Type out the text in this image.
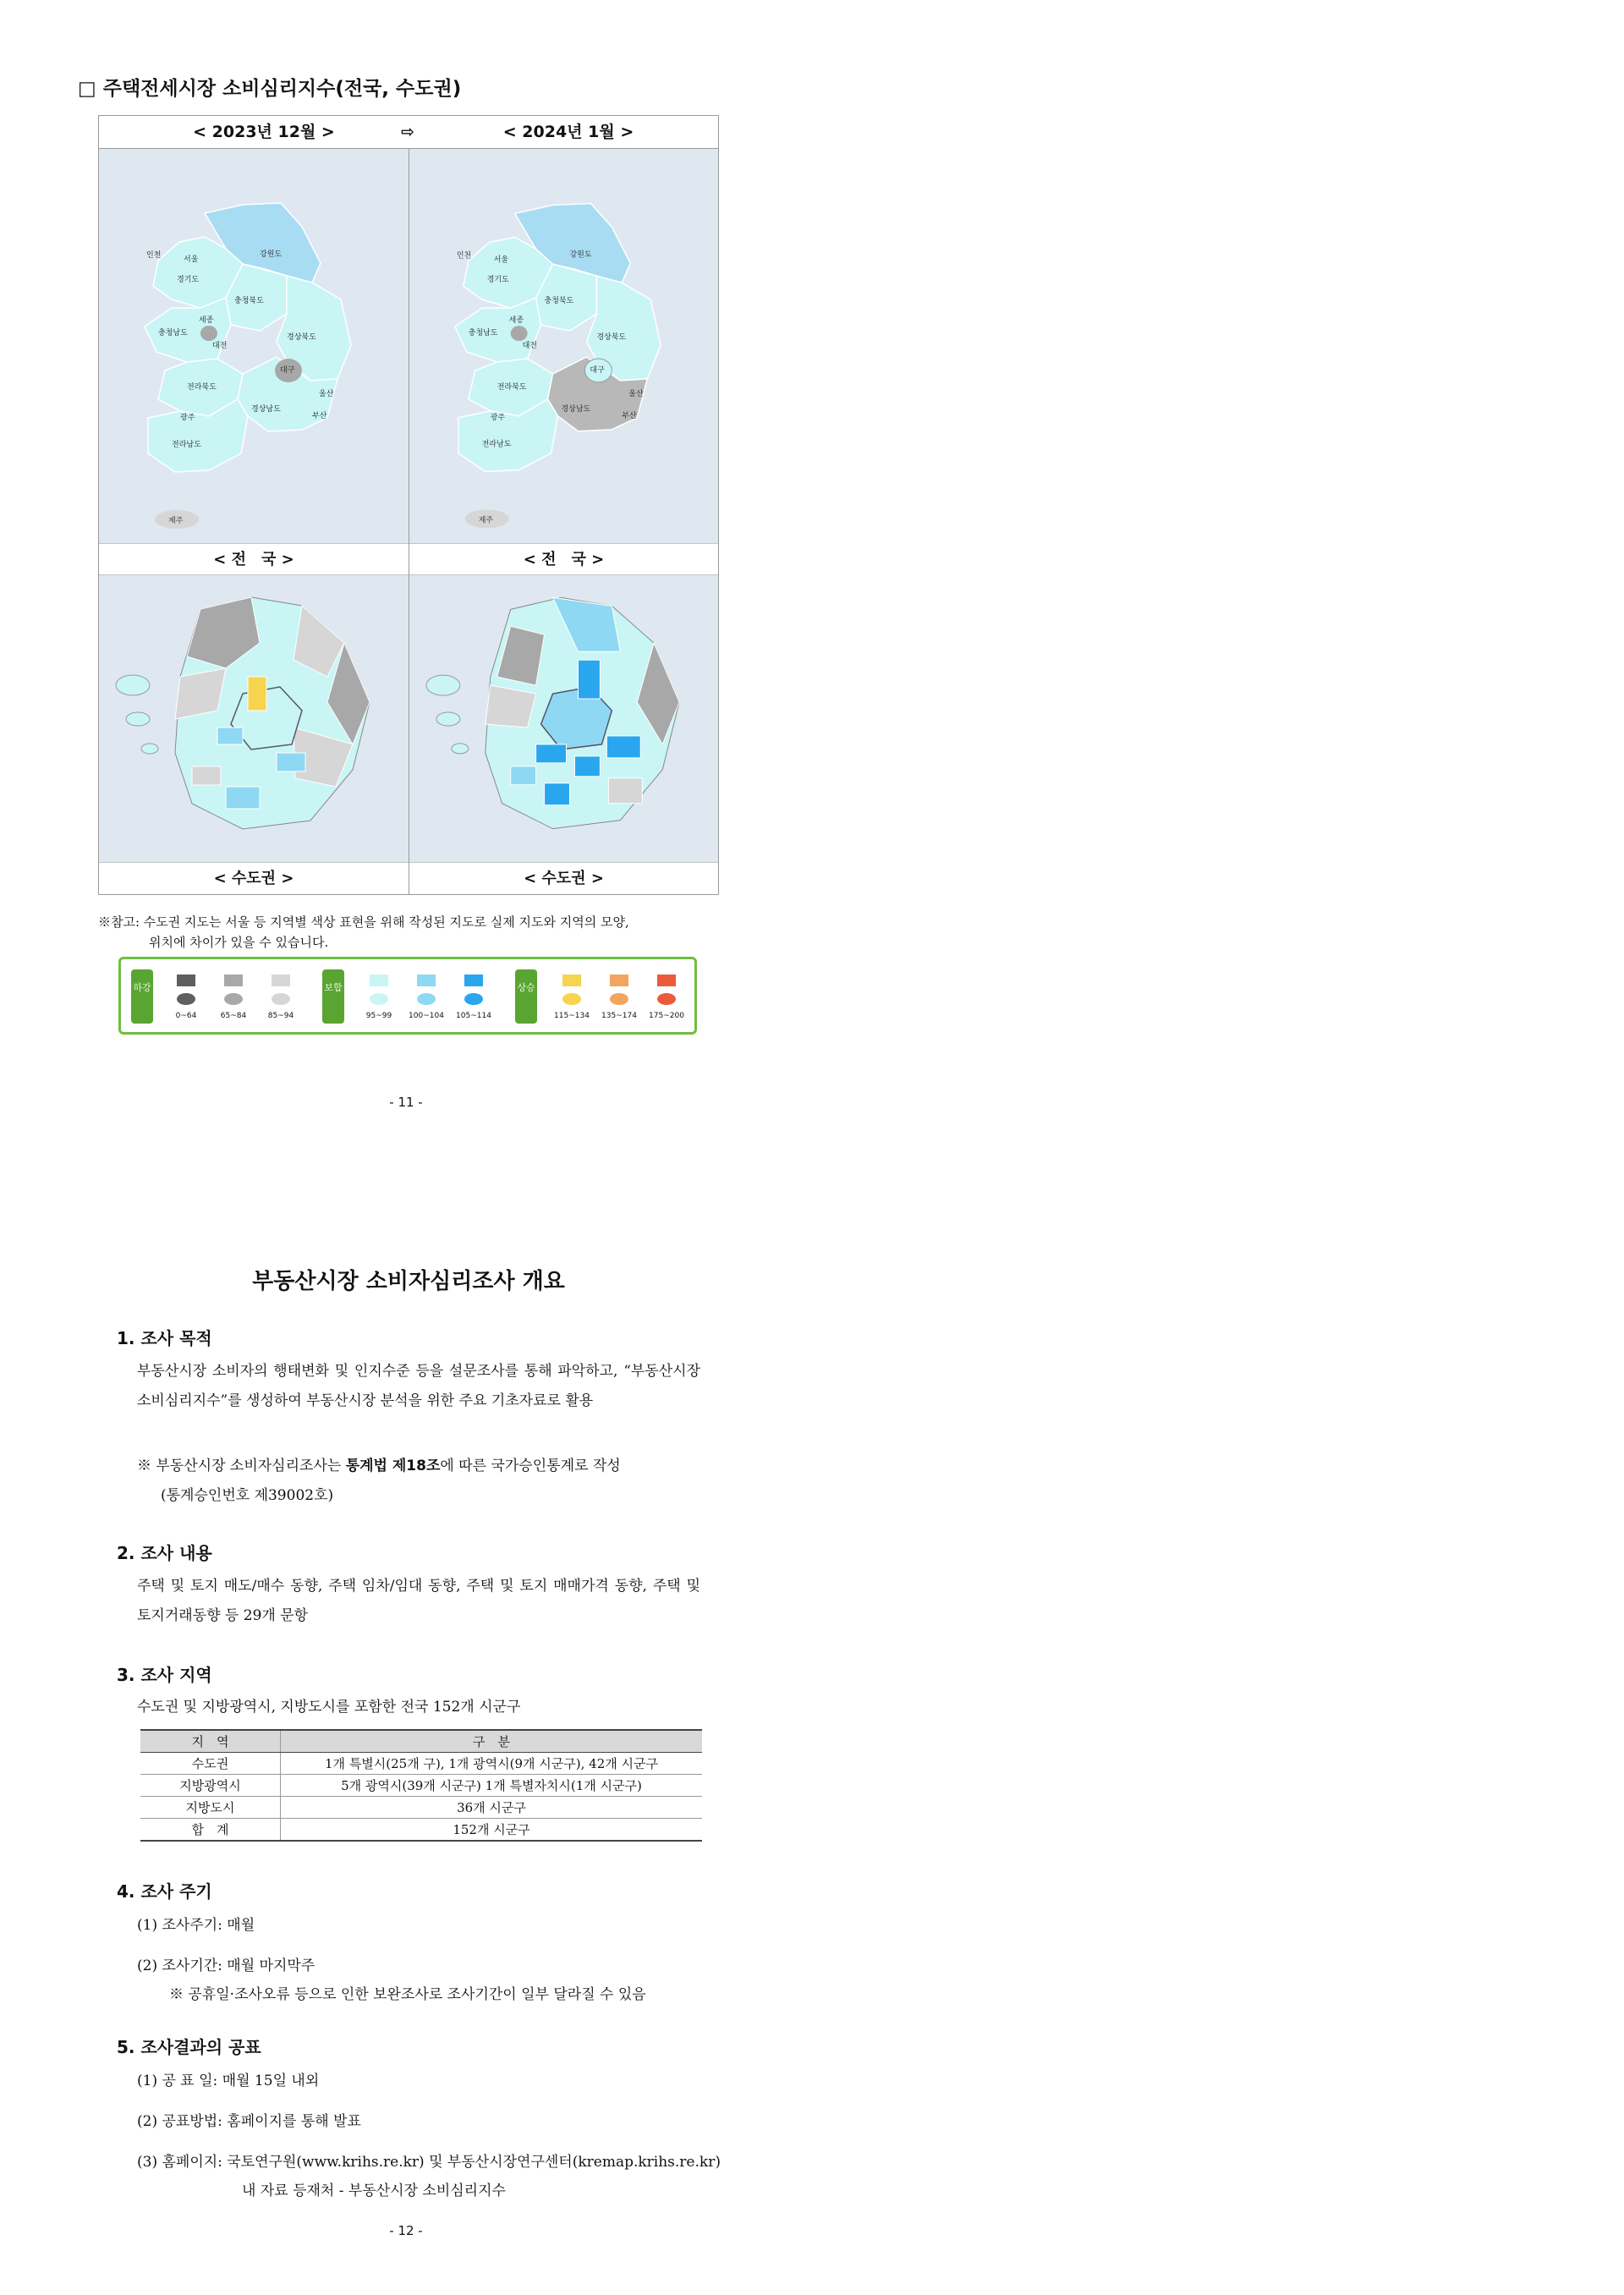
□ 주택전세시장 소비심리지수(전국, 수도권)
< 2023년 12월 >	⇨	< 2024년 1월 >
인천	서울
경기도
강원도
충청북도
세종
충청남도
대전
경상북도
대구
전라북도
경상남도
울산
부산
광주
전라남도
제주
인천	서울
경기도
강원도
충청북도
세종
충청남도
대전
경상북도
대구
전라북도
경상남도
울산
부산
광주
전라남도
제주
< 전　국 >	< 전　국 >
< 수도권 >	< 수도권 >
※참고: 수도권 지도는 서울 등 지역별 색상 표현을 위해 작성된 지도로 실제 지도와 지역의 모양,
위치에 차이가 있을 수 있습니다.
하강	보합	상승
0~64	65~84	85~94	95~99	100~104	105~114	115~134	135~174	175~200
- 11 -
부동산시장 소비자심리조사 개요
1. 조사 목적
부동산시장 소비자의 행태변화 및 인지수준 등을 설문조사를 통해 파악하고, “부동산시장 소비심리지수”를 생성하여 부동산시장 분석을 위한 주요 기초자료로 활용
※ 부동산시장 소비자심리조사는 통계법 제18조에 따른 국가승인통계로 작성
(통계승인번호 제39002호)
2. 조사 내용
주택 및 토지 매도/매수 동향, 주택 임차/임대 동향, 주택 및 토지 매매가격 동향, 주택 및 토지거래동향 등 29개 문항
3. 조사 지역
수도권 및 지방광역시, 지방도시를 포함한 전국 152개 시군구
지　역	구　분
수도권	1개 특별시(25개 구), 1개 광역시(9개 시군구), 42개 시군구
지방광역시	5개 광역시(39개 시군구) 1개 특별자치시(1개 시군구)
지방도시	36개 시군구
합　계	152개 시군구
4. 조사 주기
(1) 조사주기: 매월
(2) 조사기간: 매월 마지막주
※ 공휴일·조사오류 등으로 인한 보완조사로 조사기간이 일부 달라질 수 있음
5. 조사결과의 공표
(1) 공 표 일: 매월 15일 내외
(2) 공표방법: 홈페이지를 통해 발표
(3) 홈페이지: 국토연구원(www.krihs.re.kr) 및 부동산시장연구센터(kremap.krihs.re.kr)
내 자료 등재처 - 부동산시장 소비심리지수
- 12 -
